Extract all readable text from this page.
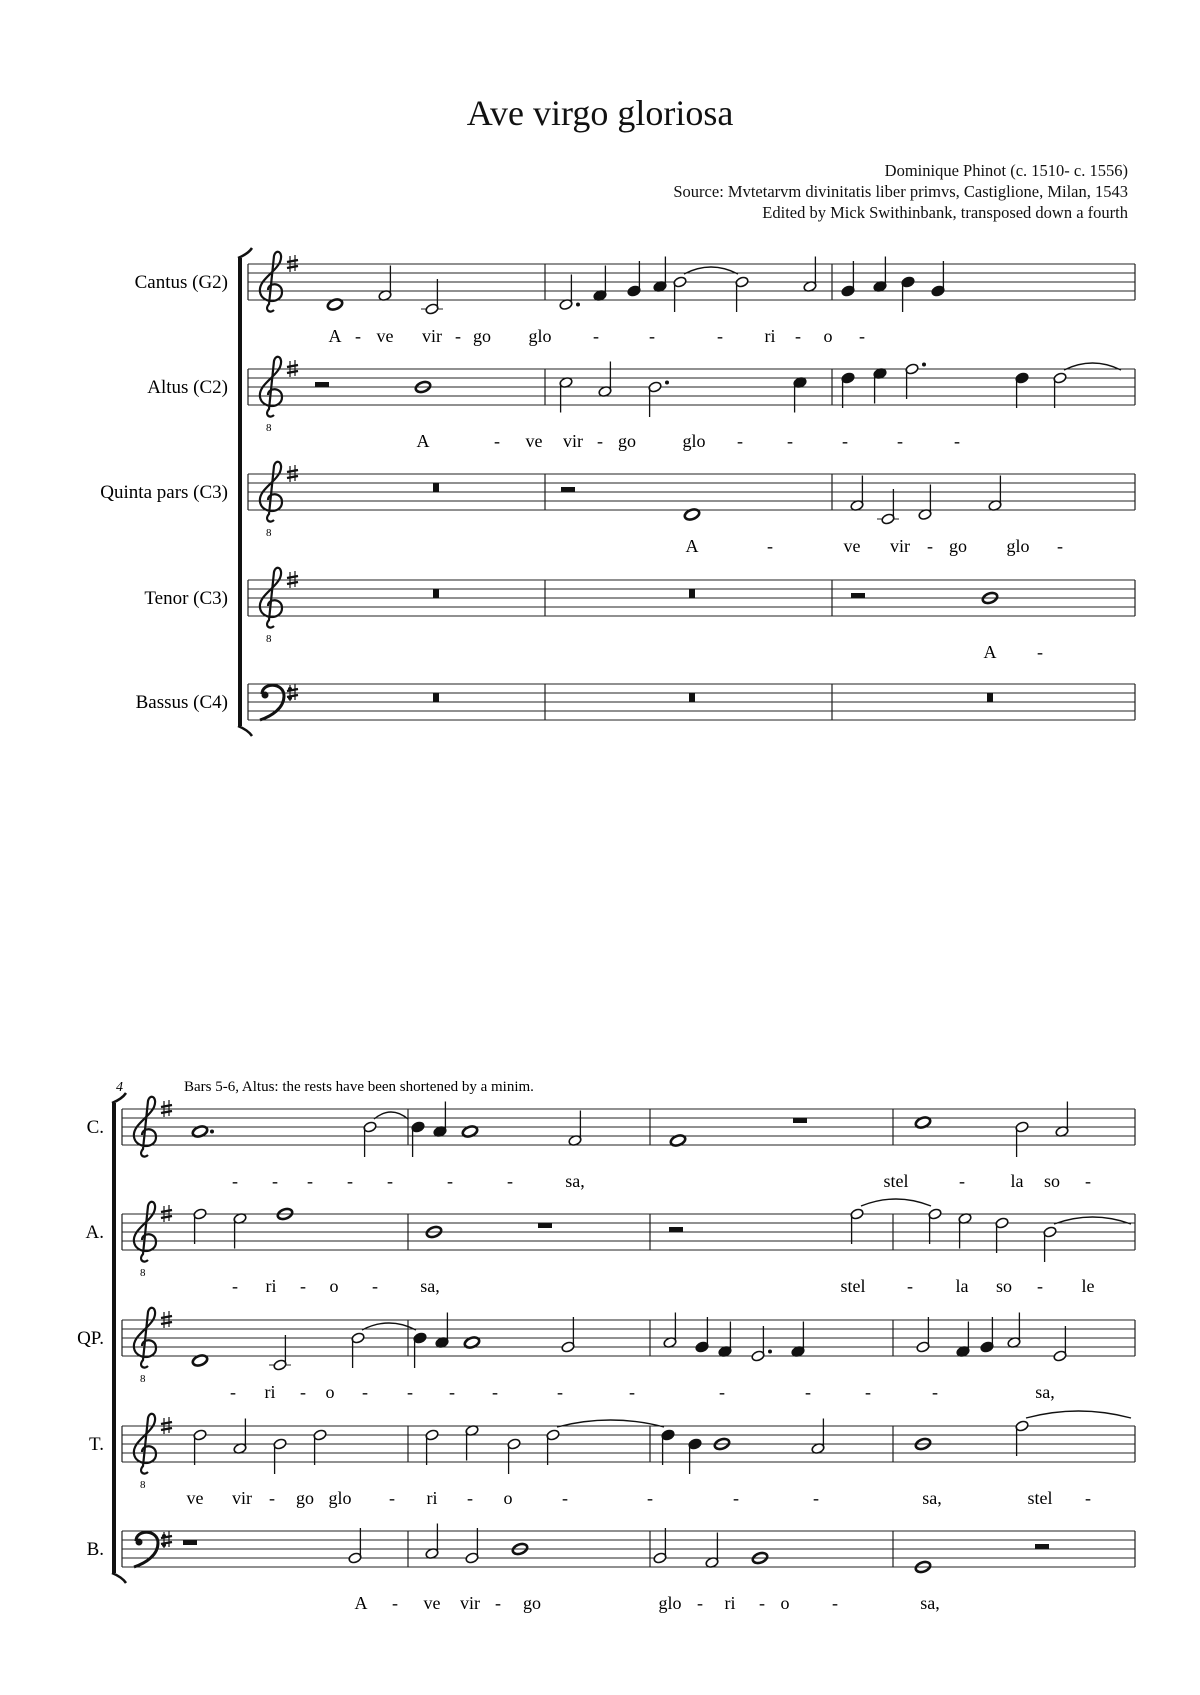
Ave virgo gloriosa
Dominique Phinot (c. 1510- c. 1556)
Source: Mvtetarvm divinitatis liber primvs, Castiglione, Milan, 1543
Edited by Mick Swithinbank, transposed down a fourth
Cantus (G2)
A - ve vir - go glo -	-	- ri - o -
8
Altus (C2)
A	- ve vir - go	glo - -	-	-	-
8
Quinta pars (C3)
A	-	ve vir - go glo -
8
Tenor (C3)
A -
Bassus (C4)
4	Bars 5-6, Altus: the rests have been shortened by a minim.
C.
- - - - -	-	-	sa,	stel	-	la so -
8
A.
- ri - o - sa,	stel - la so - le
8
QP.
- ri - o - - - -	-	-	-	-	-	-	sa,
8
T.
ve vir - go glo - ri - o	-	-	-	-	sa,	stel -
B.
A - ve vir - go	glo - ri - o -	sa,
